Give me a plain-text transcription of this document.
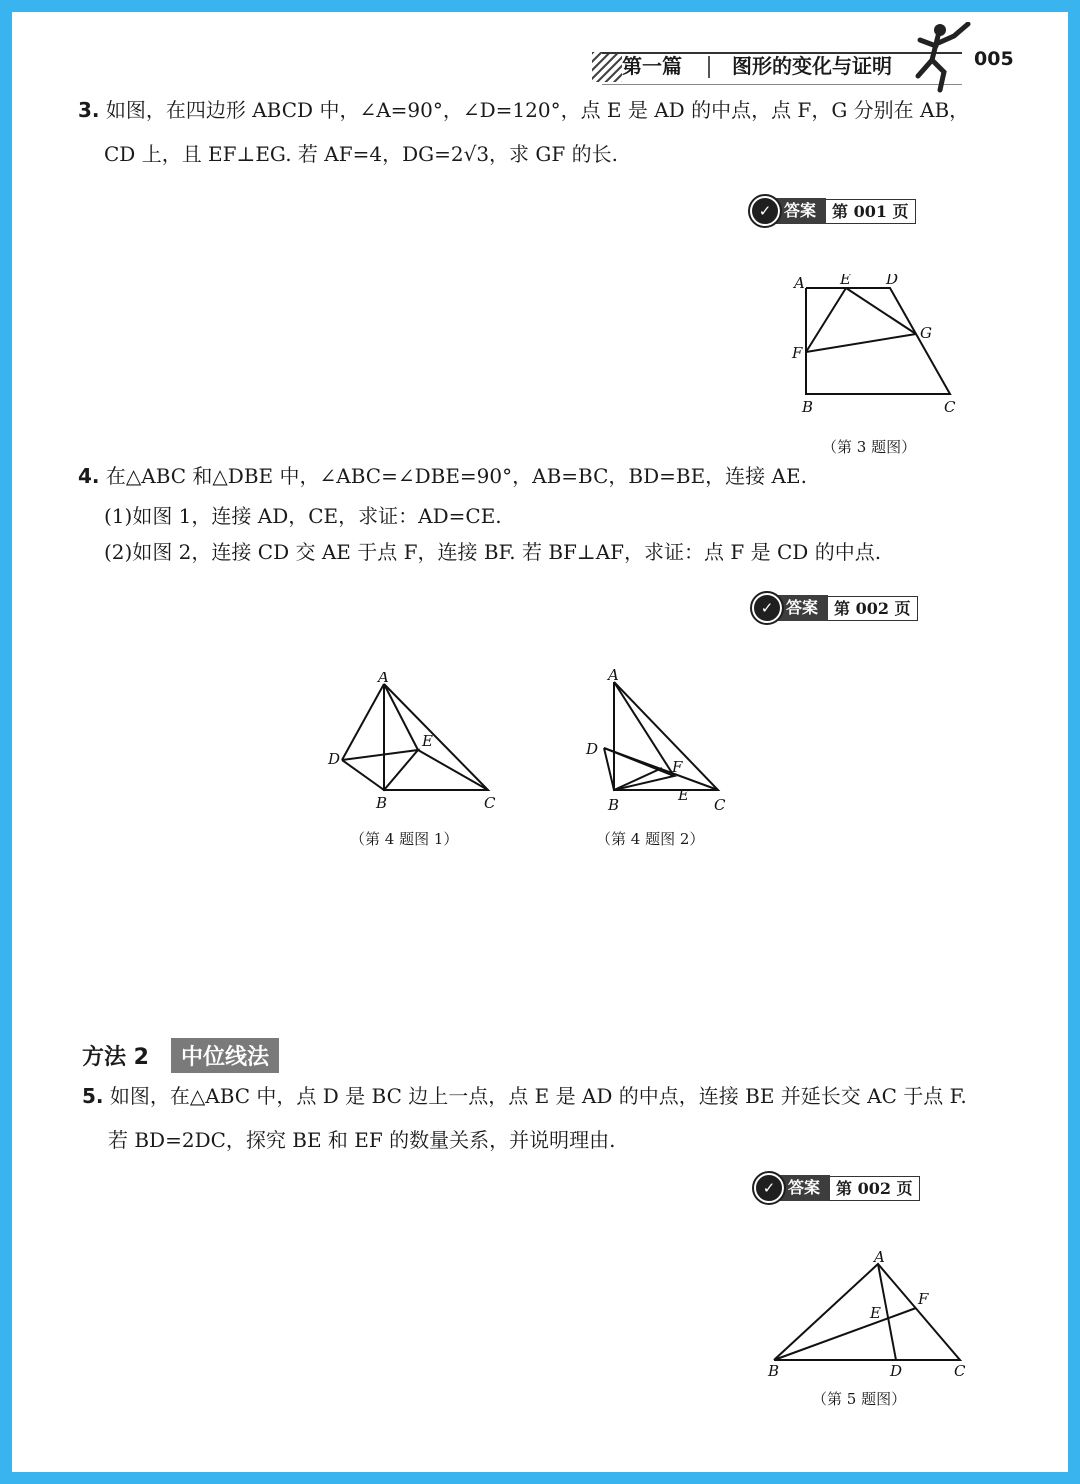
第一篇	图形的变化与证明	005
3. 如图，在四边形 ABCD 中，∠A=90°，∠D=120°，点 E 是 AD 的中点，点 F，G 分别在 AB，
CD 上，且 EF⊥EG. 若 AF=4，DG=2√3，求 GF 的长.
✓ 答案	第 001 页
A E D
G
F
B	C
（第 3 题图）
4. 在△ABC 和△DBE 中，∠ABC=∠DBE=90°，AB=BC，BD=BE，连接 AE.
(1)如图 1，连接 AD，CE，求证：AD=CE.
(2)如图 2，连接 CD 交 AE 于点 F，连接 BF. 若 BF⊥AF，求证：点 F 是 CD 的中点.
✓ 答案	第 002 页
A
D
E
B	C
（第 4 题图 1）
A
D
F
E
B	C
（第 4 题图 2）
方法 2	中位线法
5. 如图，在△ABC 中，点 D 是 BC 边上一点，点 E 是 AD 的中点，连接 BE 并延长交 AC 于点 F.
若 BD=2DC，探究 BE 和 EF 的数量关系，并说明理由.
✓ 答案	第 002 页
A
F
E
B	D	C
（第 5 题图）
